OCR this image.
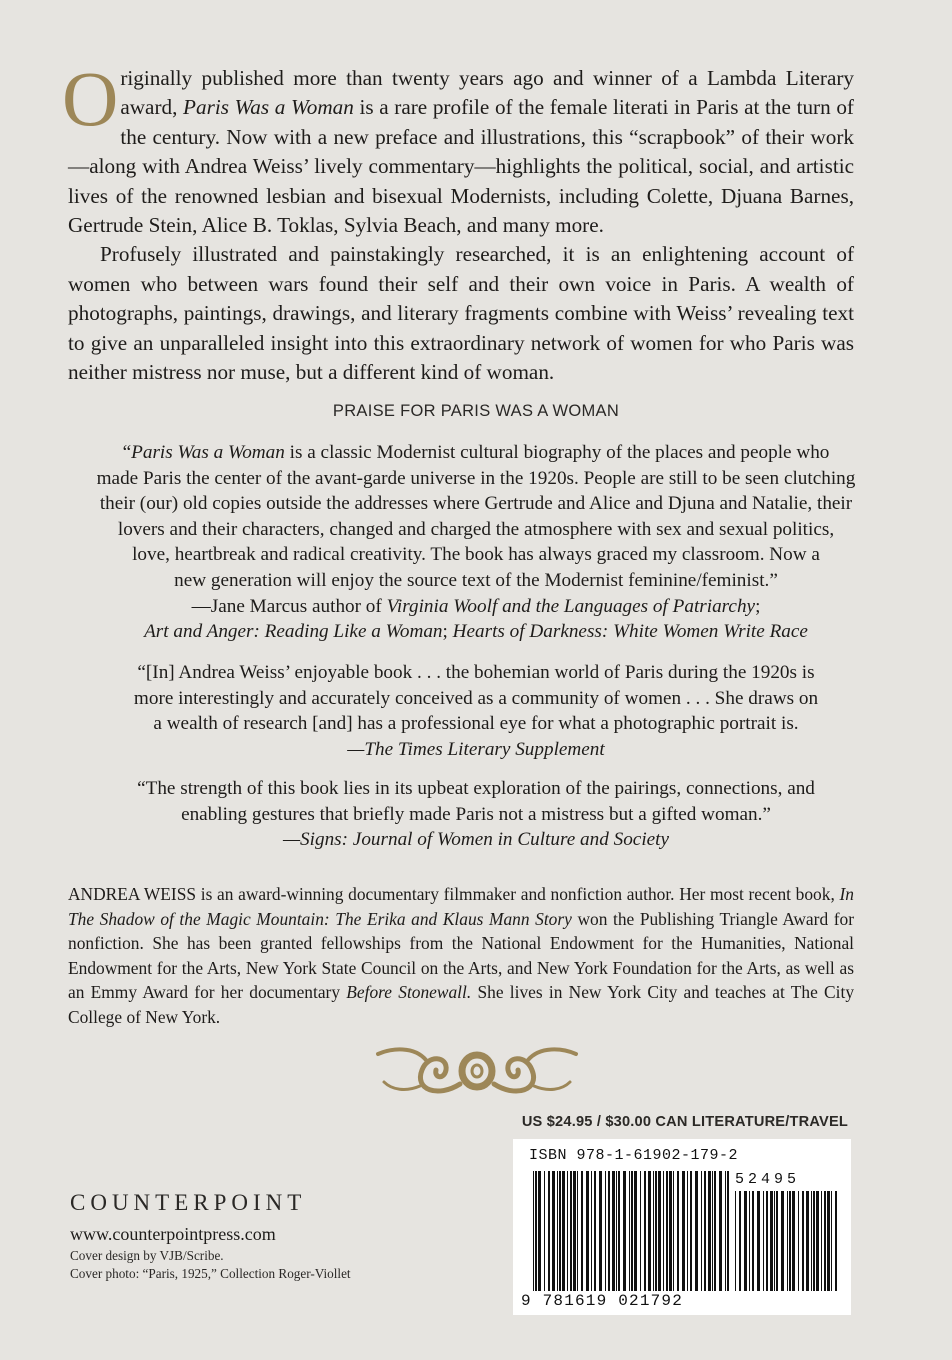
O riginally published more than twenty years ago and winner of a Lambda Literary award, Paris Was a Woman is a rare profile of the female literati in Paris at the turn of the century. Now with a new preface and illustrations, this “scrapbook” of their work—along with Andrea Weiss’ lively commentary—highlights the political, social, and artistic lives of the renowned lesbian and bisexual Modernists, including Colette, Djuana Barnes, Gertrude Stein, Alice B. Toklas, Sylvia Beach, and many more.

Profusely illustrated and painstakingly researched, it is an enlightening account of women who between wars found their self and their own voice in Paris. A wealth of photographs, paintings, drawings, and literary fragments combine with Weiss’ revealing text to give an unparalleled insight into this extraordinary network of women for who Paris was neither mistress nor muse, but a different kind of woman.

PRAISE FOR PARIS WAS A WOMAN

“Paris Was a Woman is a classic Modernist cultural biography of the places and people who

made Paris the center of the avant-garde universe in the 1920s. People are still to be seen clutching

their (our) old copies outside the addresses where Gertrude and Alice and Djuna and Natalie, their

lovers and their characters, changed and charged the atmosphere with sex and sexual politics,

love, heartbreak and radical creativity. The book has always graced my classroom. Now a

new generation will enjoy the source text of the Modernist feminine/feminist.”

—Jane Marcus author of Virginia Woolf and the Languages of Patriarchy;

Art and Anger: Reading Like a Woman; Hearts of Darkness: White Women Write Race

“[In] Andrea Weiss’ enjoyable book . . . the bohemian world of Paris during the 1920s is

more interestingly and accurately conceived as a community of women . . . She draws on

a wealth of research [and] has a professional eye for what a photographic portrait is.

—The Times Literary Supplement

“The strength of this book lies in its upbeat exploration of the pairings, connections, and

enabling gestures that briefly made Paris not a mistress but a gifted woman.”

—Signs: Journal of Women in Culture and Society

ANDREA WEISS is an award-winning documentary filmmaker and nonfiction author. Her most recent book, In The Shadow of the Magic Mountain: The Erika and Klaus Mann Story won the Publishing Triangle Award for nonfiction. She has been granted fellowships from the National Endowment for the Humanities, National Endowment for the Arts, New York State Council on the Arts, and New York Foundation for the Arts, as well as an Emmy Award for her documentary Before Stonewall. She lives in New York City and teaches at The City College of New York.

US $24.95 / $30.00 CAN LITERATURE/TRAVEL
ISBN 978-1-61902-179-2
52495
9 781619 021792
COUNTERPOINT
www.counterpointpress.com
Cover design by VJB/Scribe.
Cover photo: “Paris, 1925,” Collection Roger-Viollet
